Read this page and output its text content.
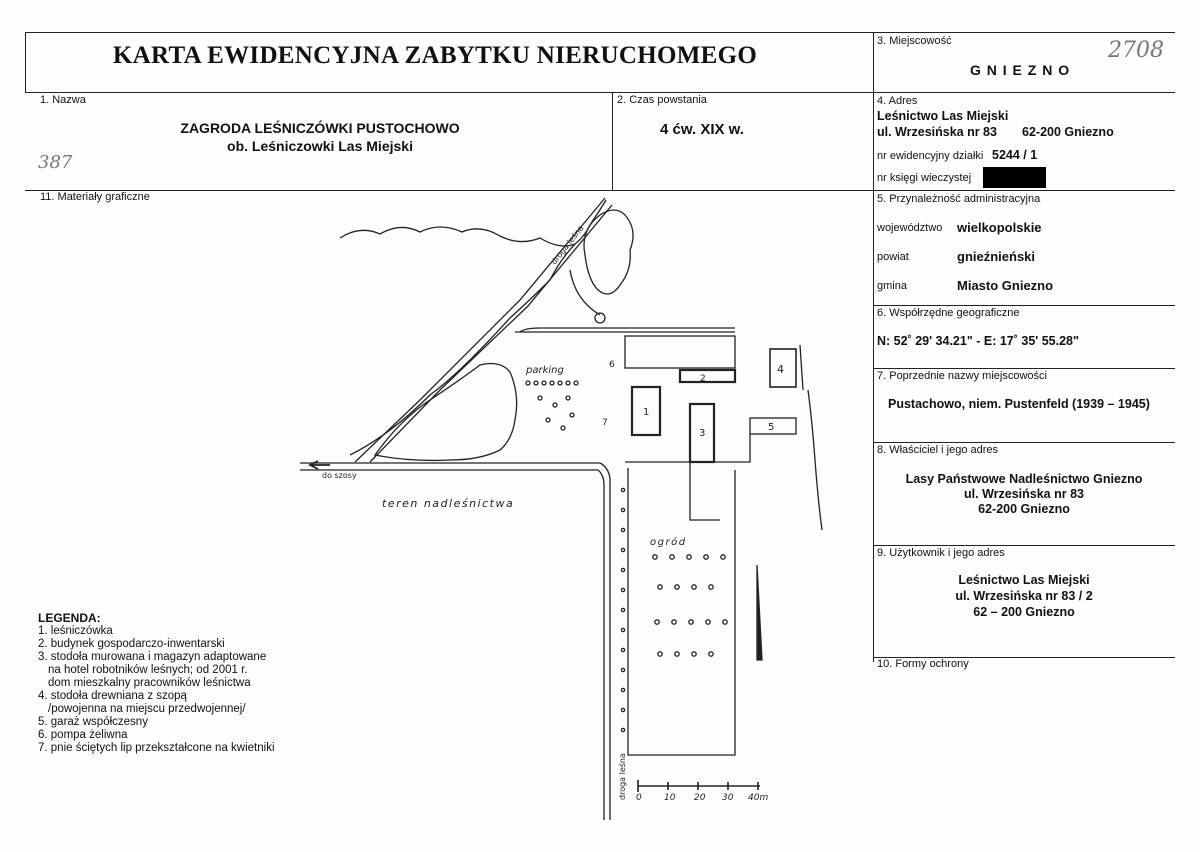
KARTA EWIDENCYJNA ZABYTKU NIERUCHOMEGO
3. Miejscowość
G N I E Z N O
2708
1. Nazwa
ZAGRODA LEŚNICZÓWKI PUSTOCHOWO
ob. Leśniczowki Las Miejski
387
2. Czas powstania
4 ćw. XIX w.
4. Adres
Leśnictwo Las Miejski
ul. Wrzesińska nr 83 62-200 Gniezno
nr ewidencyjny działki 5244 / 1
nr księgi wieczystej
5. Przynależność administracyjna
województwo wielkopolskie
powiat	gnieźnieński
gmina	Miasto Gniezno
6. Współrzędne geograficzne
N: 52˚ 29' 34.21" - E: 17˚ 35' 55.28"
7. Poprzednie nazwy miejscowości
Pustachowo, niem. Pustenfeld (1939 – 1945)
8. Właściciel i jego adres
Lasy Państwowe Nadleśnictwo Gniezno
ul. Wrzesińska nr 83
62-200 Gniezno
9. Użytkownik i jego adres
Leśnictwo Las Miejski
ul. Wrzesińska nr 83 / 2
62 – 200 Gniezno
10. Formy ochrony
11. Materiały graficzne
droga leśna
do szosy
parking
teren nadleśnictwa
ogród
droga leśna
1
2
3
4
5
6
7
0 10 20 30 40m
LEGENDA:
1. leśniczówka
2. budynek gospodarczo-inwentarski
3. stodoła murowana i magazyn adaptowane
na hotel robotników leśnych; od 2001 r.
dom mieszkalny pracowników leśnictwa
4. stodoła drewniana z szopą
/powojenna na miejscu przedwojennej/
5. garaż współczesny
6. pompa żeliwna
7. pnie ściętych lip przekształcone na kwietniki
